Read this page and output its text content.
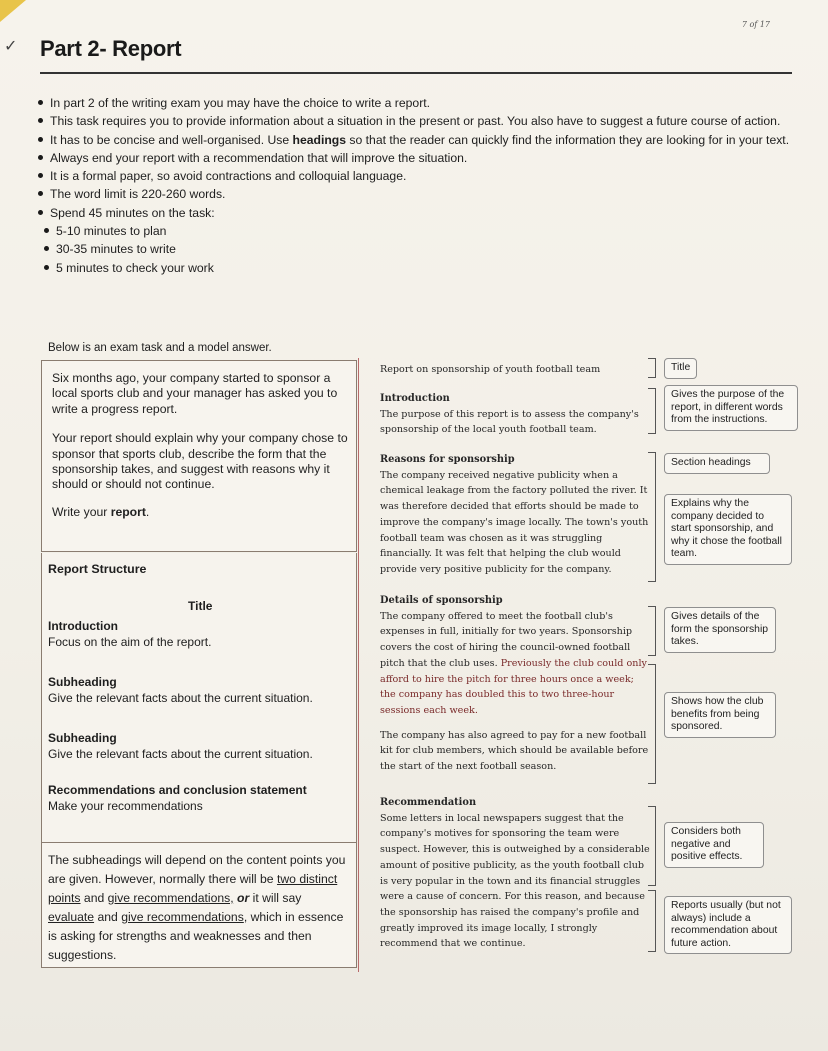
✓
7 of 17
Part 2- Report
In part 2 of the writing exam you may have the choice to write a report.
This task requires you to provide information about a situation in the present or past. You also have to suggest a future course of action.
It has to be concise and well-organised. Use headings so that the reader can quickly find the information they are looking for in your text.
Always end your report with a recommendation that will improve the situation.
It is a formal paper, so avoid contractions and colloquial language.
The word limit is 220-260 words.
Spend 45 minutes on the task:
5-10 minutes to plan
30-35 minutes to write
5 minutes to check your work
Below is an exam task and a model answer.

Six months ago, your company started to sponsor a local sports club and your manager has asked you to write a progress report.

Your report should explain why your company chose to sponsor that sports club, describe the form that the sponsorship takes, and suggest with reasons why it should or should not continue.

Write your report.

Report Structure
Title
Introduction
Focus on the aim of the report.
Subheading
Give the relevant facts about the current situation.
Subheading
Give the relevant facts about the current situation.
Recommendations and conclusion statement
Make your recommendations
The subheadings will depend on the content points you are given. However, normally there will be two distinct points and give recommendations, or it will say evaluate and give recommendations, which in essence is asking for strengths and weaknesses and then suggestions.
Report on sponsorship of youth football team
Introduction
The purpose of this report is to assess the company's sponsorship of the local youth football team.
Reasons for sponsorship
The company received negative publicity when a chemical leakage from the factory polluted the river. It was therefore decided that efforts should be made to improve the company's image locally. The town's youth football team was chosen as it was struggling financially. It was felt that helping the club would provide very positive publicity for the company.
Details of sponsorship
The company offered to meet the football club's expenses in full, initially for two years. Sponsorship covers the cost of hiring the council-owned football pitch that the club uses. Previously the club could only afford to hire the pitch for three hours once a week; the company has doubled this to two three-hour sessions each week.
The company has also agreed to pay for a new football kit for club members, which should be available before the start of the next football season.
Recommendation
Some letters in local newspapers suggest that the company's motives for sponsoring the team were suspect. However, this is outweighed by a considerable amount of positive publicity, as the youth football club is very popular in the town and its financial struggles were a cause of concern. For this reason, and because the sponsorship has raised the company's profile and greatly improved its image locally, I strongly recommend that we continue.
Title
Gives the purpose of the report, in different words from the instructions.
Section headings
Explains why the company decided to start sponsorship, and why it chose the football team.
Gives details of the form the sponsorship takes.
Shows how the club benefits from being sponsored.
Considers both negative and positive effects.
Reports usually (but not always) include a recommendation about future action.
